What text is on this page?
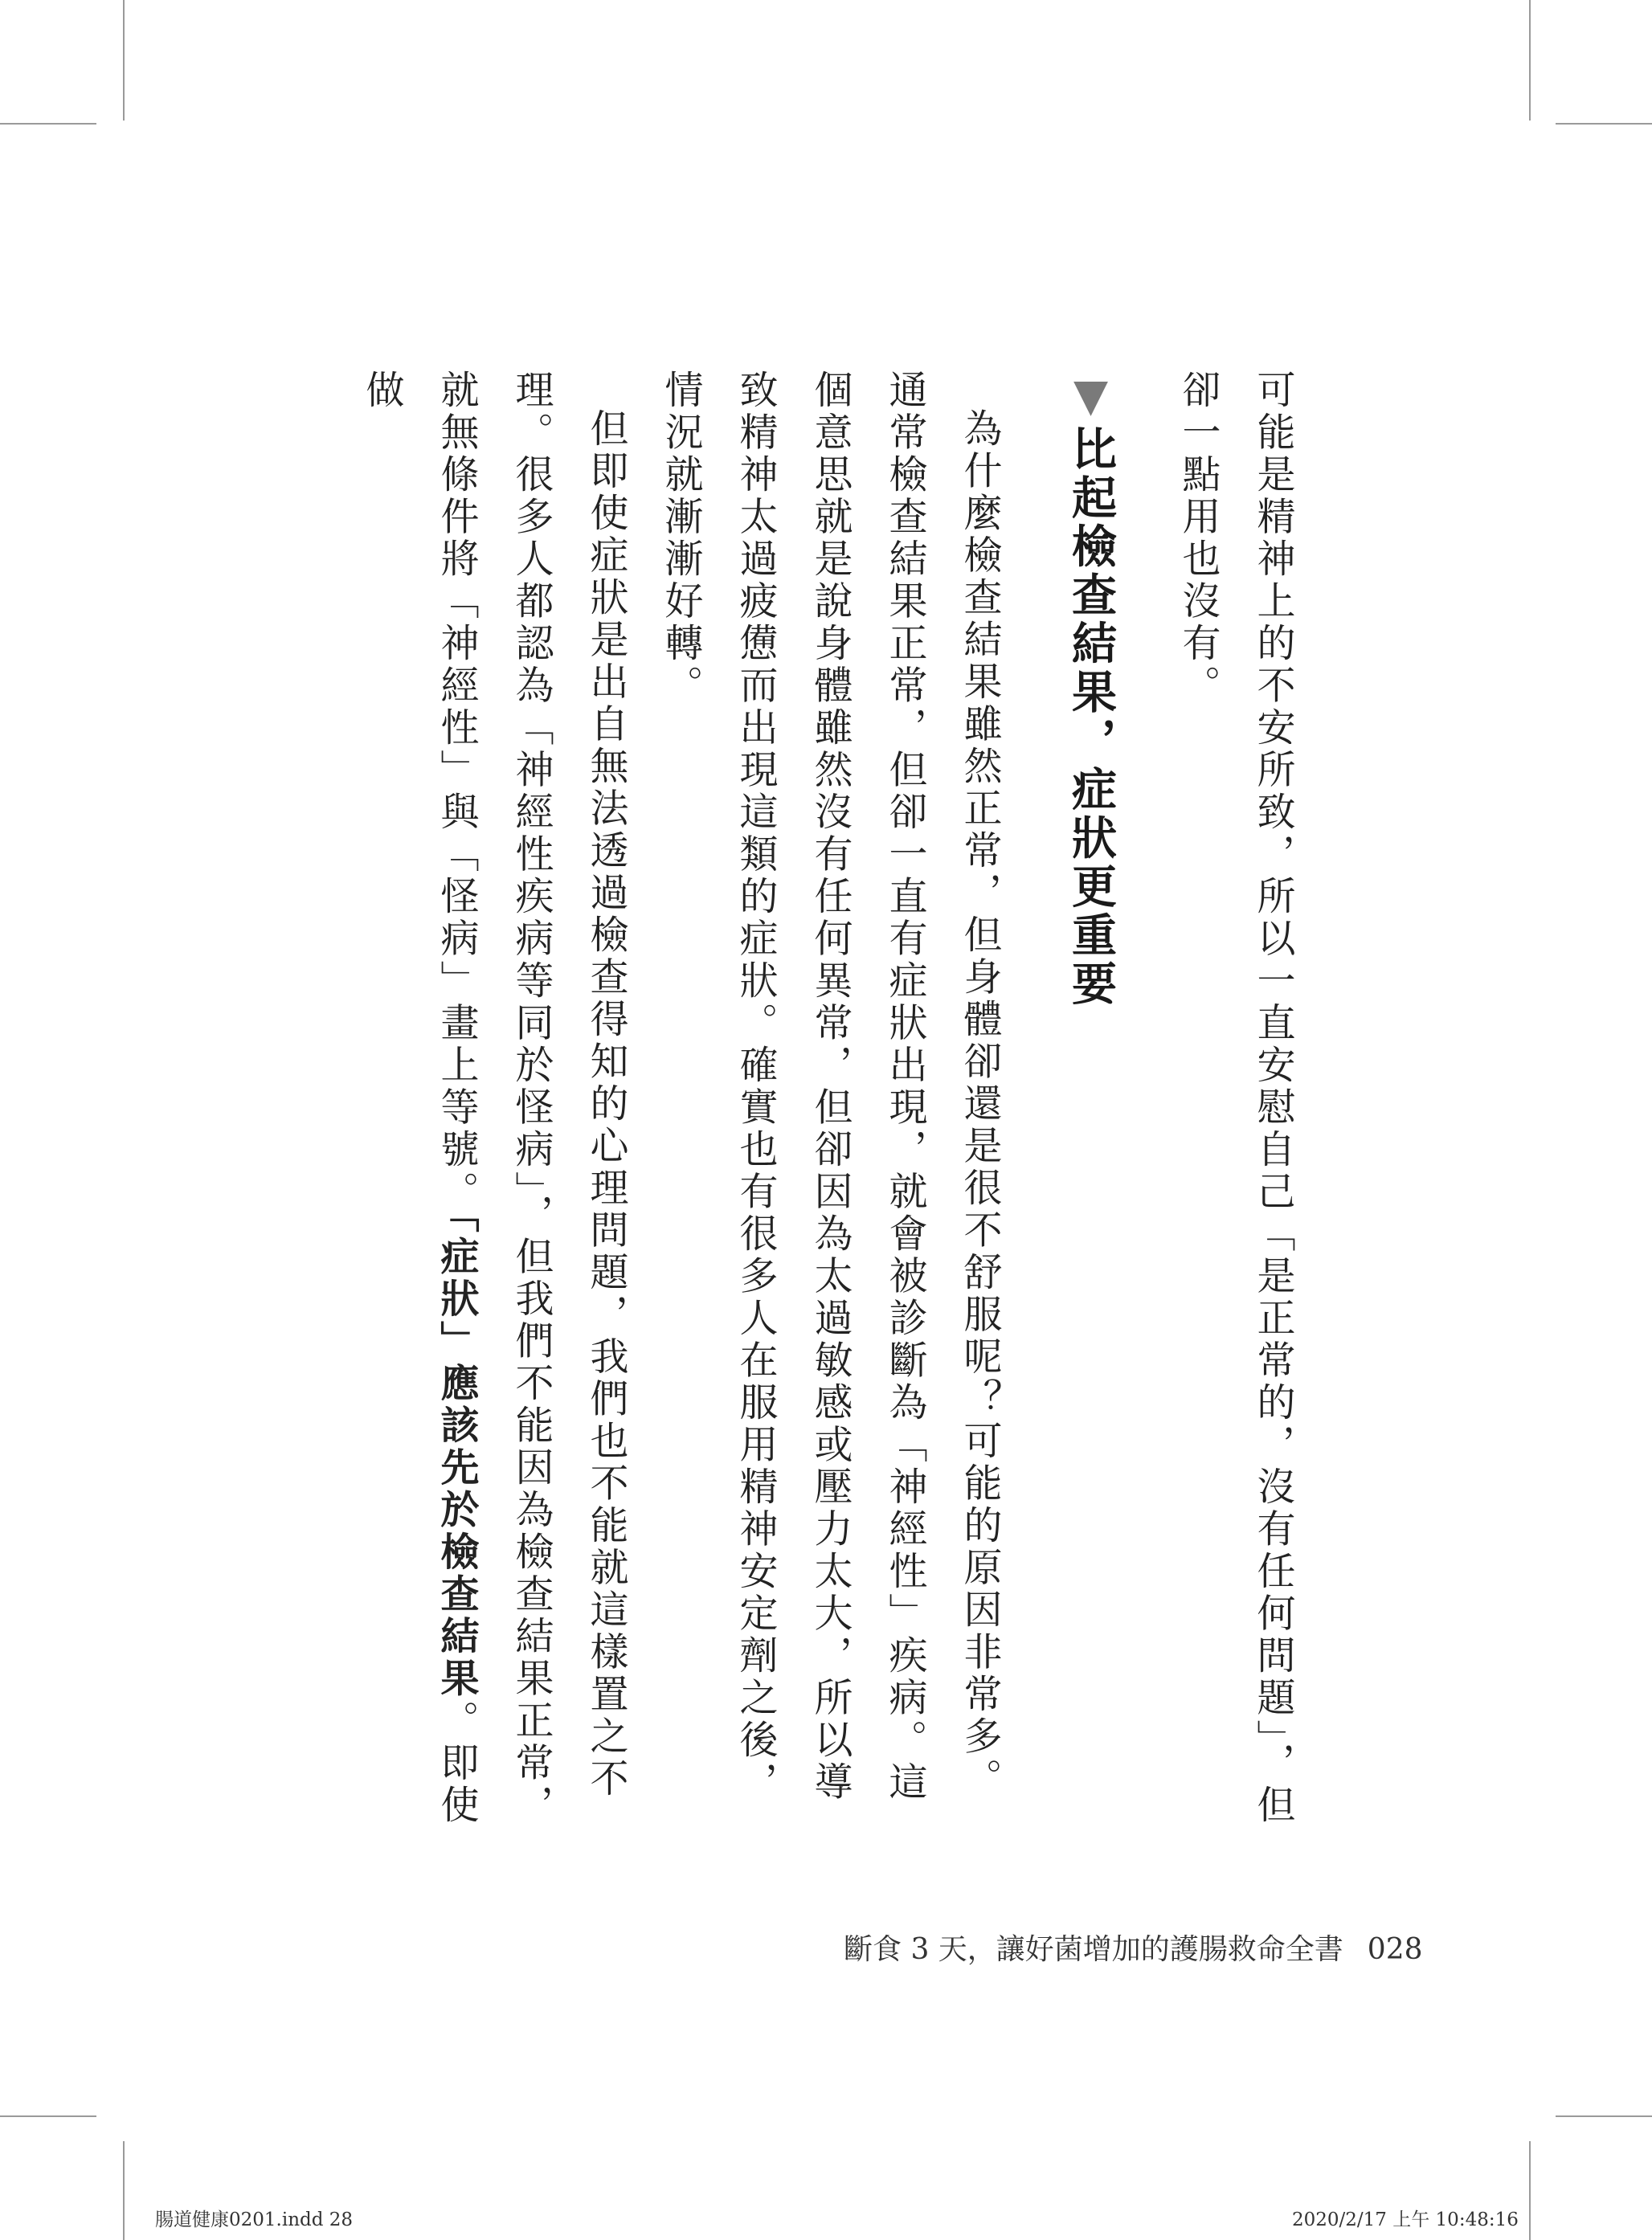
可能是精神上的不安所致，所以一直安慰自己「是正常的，沒有任何問題」，但

卻一點用也沒有。

▼比起檢查結果，症狀更重要

為什麼檢查結果雖然正常，但身體卻還是很不舒服呢？可能的原因非常多。通常檢查結果正常，但卻一直有症狀出現，就會被診斷為「神經性」疾病。這個意思就是說身體雖然沒有任何異常，但卻因為太過敏感或壓力太大，所以導致精神太過疲憊而出現這類的症狀。確實也有很多人在服用精神安定劑之後，情況就漸漸好轉。

但即使症狀是出自無法透過檢查得知的心理問題，我們也不能就這樣置之不理。很多人都認為「神經性疾病等同於怪病」，但我們不能因為檢查結果正常，就無條件將「神經性」與「怪病」畫上等號。「症狀」應該先於檢查結果。即使做

斷食 3 天，讓好菌增加的護腸救命全書 028
腸道健康0201.indd 28	2020/2/17 上午 10:48:16
